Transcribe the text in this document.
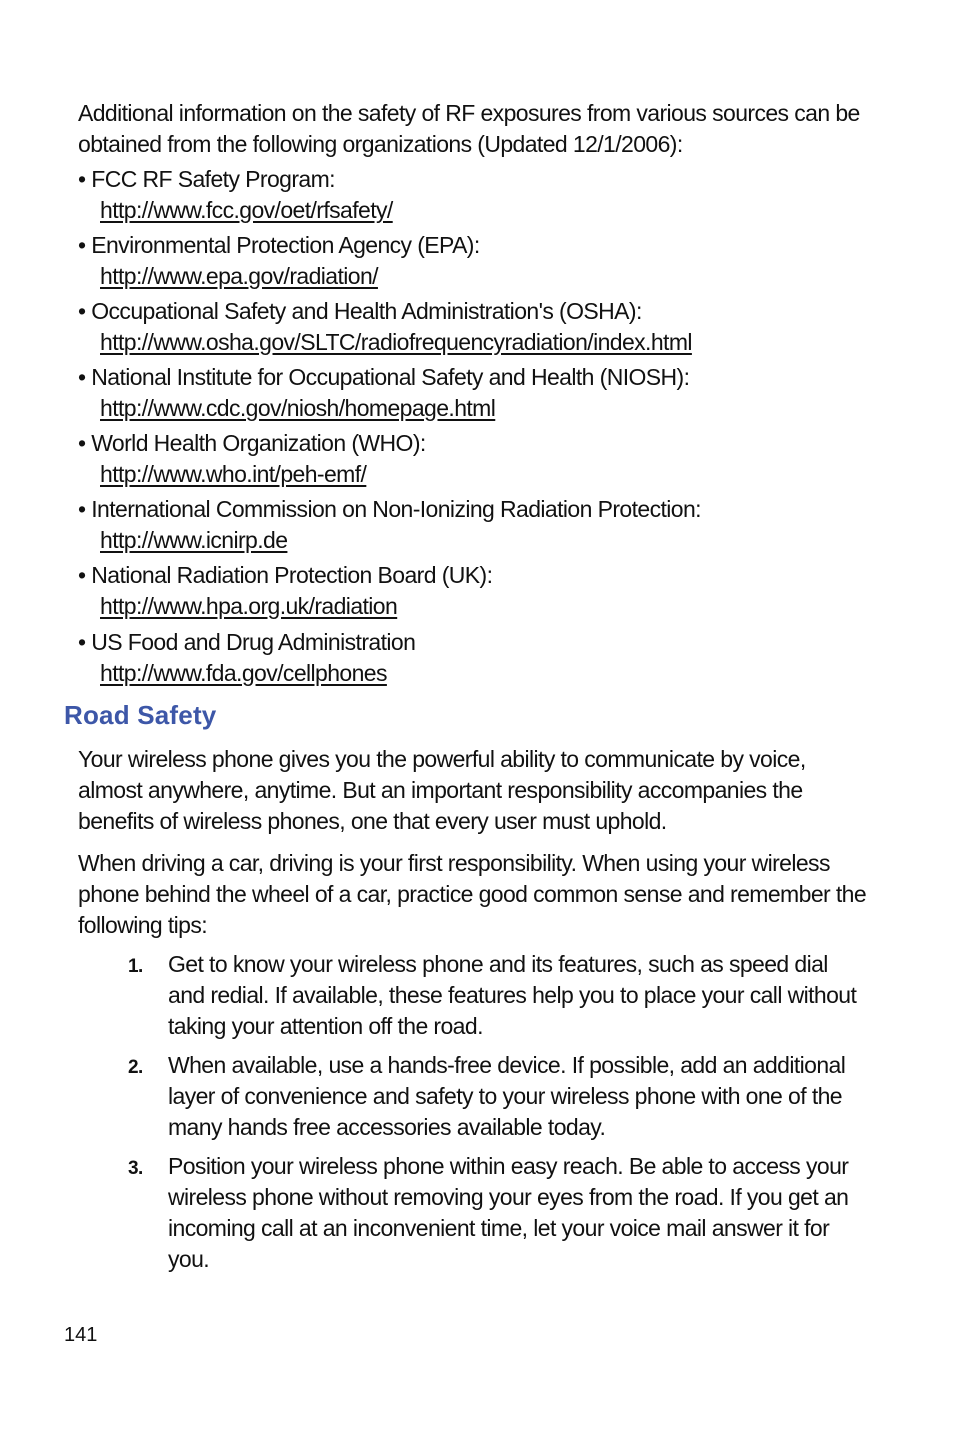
Additional information on the safety of RF exposures from various sources can be obtained from the following organizations (Updated 12/1/2006):

• FCC RF Safety Program:
http://www.fcc.gov/oet/rfsafety/
• Environmental Protection Agency (EPA):
http://www.epa.gov/radiation/
• Occupational Safety and Health Administration's (OSHA):
http://www.osha.gov/SLTC/radiofrequencyradiation/index.html
• National Institute for Occupational Safety and Health (NIOSH):
http://www.cdc.gov/niosh/homepage.html
• World Health Organization (WHO):
http://www.who.int/peh-emf/
• International Commission on Non-Ionizing Radiation Protection:
http://www.icnirp.de
• National Radiation Protection Board (UK):
http://www.hpa.org.uk/radiation
• US Food and Drug Administration
http://www.fda.gov/cellphones
Road Safety

Your wireless phone gives you the powerful ability to communicate by voice, almost anywhere, anytime. But an important responsibility accompanies the benefits of wireless phones, one that every user must uphold.

When driving a car, driving is your first responsibility. When using your wireless phone behind the wheel of a car, practice good common sense and remember the following tips:

1. Get to know your wireless phone and its features, such as speed dial and redial. If available, these features help you to place your call without taking your attention off the road.
2. When available, use a hands-free device. If possible, add an additional layer of convenience and safety to your wireless phone with one of the many hands free accessories available today.
3. Position your wireless phone within easy reach. Be able to access your wireless phone without removing your eyes from the road. If you get an incoming call at an inconvenient time, let your voice mail answer it for you.
141
